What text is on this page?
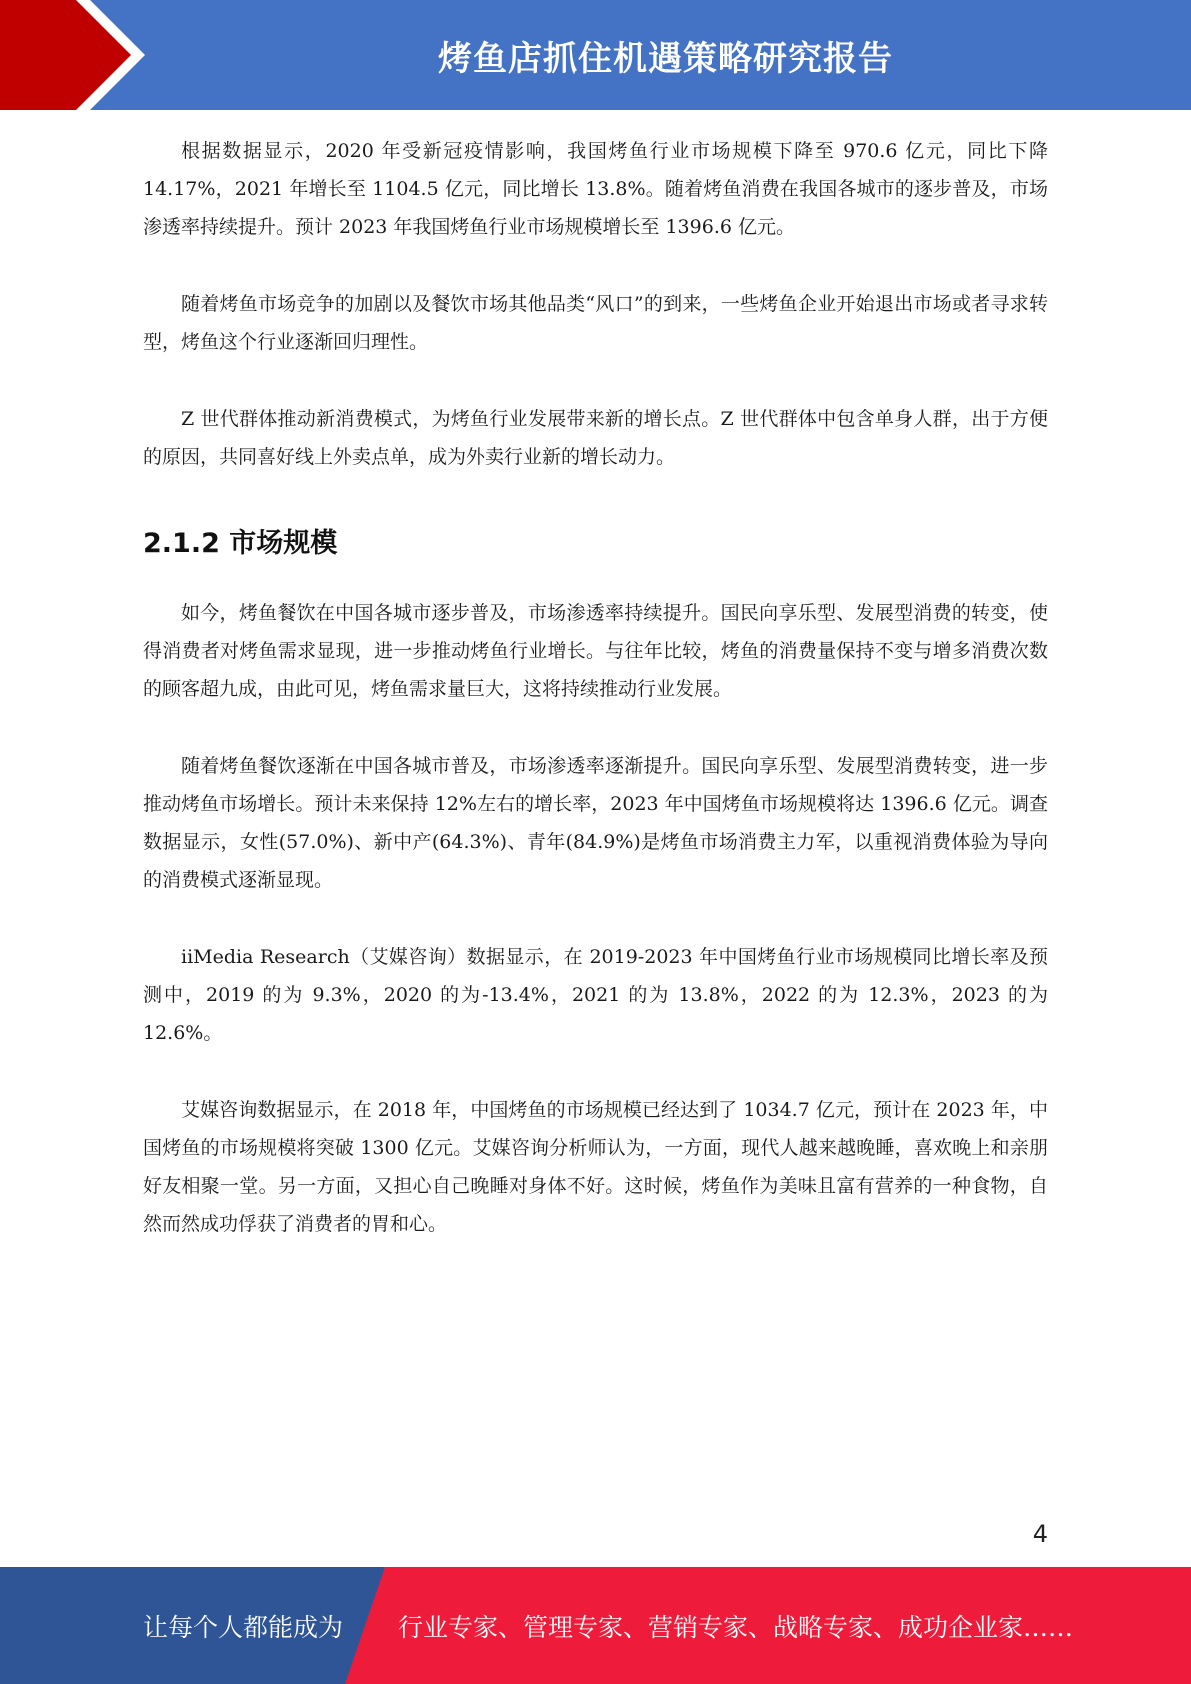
烤鱼店抓住机遇策略研究报告

根据数据显示，2020 年受新冠疫情影响，我国烤鱼行业市场规模下降至 970.6 亿元，同比下降 14.17%，2021 年增长至 1104.5 亿元，同比增长 13.8%。随着烤鱼消费在我国各城市的逐步普及，市场渗透率持续提升。预计 2023 年我国烤鱼行业市场规模增长至 1396.6 亿元。

随着烤鱼市场竞争的加剧以及餐饮市场其他品类“风口”的到来，一些烤鱼企业开始退出市场或者寻求转型，烤鱼这个行业逐渐回归理性。

Z 世代群体推动新消费模式，为烤鱼行业发展带来新的增长点。Z 世代群体中包含单身人群，出于方便的原因，共同喜好线上外卖点单，成为外卖行业新的增长动力。

2.1.2 市场规模

如今，烤鱼餐饮在中国各城市逐步普及，市场渗透率持续提升。国民向享乐型、发展型消费的转变，使得消费者对烤鱼需求显现，进一步推动烤鱼行业增长。与往年比较，烤鱼的消费量保持不变与增多消费次数的顾客超九成，由此可见，烤鱼需求量巨大，这将持续推动行业发展。

随着烤鱼餐饮逐渐在中国各城市普及，市场渗透率逐渐提升。国民向享乐型、发展型消费转变，进一步推动烤鱼市场增长。预计未来保持 12%左右的增长率，2023 年中国烤鱼市场规模将达 1396.6 亿元。调查数据显示，女性(57.0%)、新中产(64.3%)、青年(84.9%)是烤鱼市场消费主力军，以重视消费体验为导向的消费模式逐渐显现。

iiMedia Research（艾媒咨询）数据显示，在 2019-2023 年中国烤鱼行业市场规模同比增长率及预测中，2019 的为 9.3%，2020 的为-13.4%，2021 的为 13.8%，2022 的为 12.3%，2023 的为 12.6%。

艾媒咨询数据显示，在 2018 年，中国烤鱼的市场规模已经达到了 1034.7 亿元，预计在 2023 年，中国烤鱼的市场规模将突破 1300 亿元。艾媒咨询分析师认为，一方面，现代人越来越晚睡，喜欢晚上和亲朋好友相聚一堂。另一方面，又担心自己晚睡对身体不好。这时候，烤鱼作为美味且富有营养的一种食物，自然而然成功俘获了消费者的胃和心。

4
让每个人都能成为 行业专家、管理专家、营销专家、战略专家、成功企业家……
